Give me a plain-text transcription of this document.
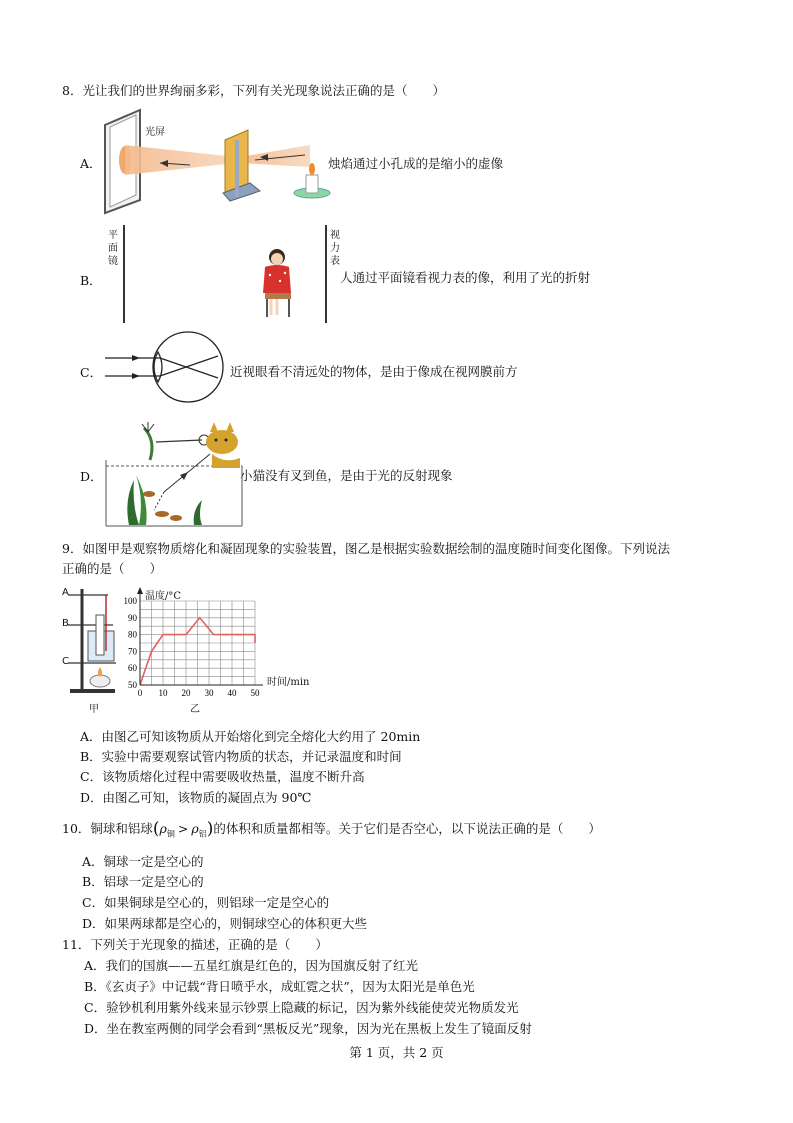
8．光让我们的世界绚丽多彩，下列有关光现象说法正确的是（　　）
A．
光屏
烛焰通过小孔成的是缩小的虚像
B．
平
面
镜
视
力
表
人通过平面镜看视力表的像，利用了光的折射
C．	近视眼看不清远处的物体，是由于像成在视网膜前方
D．	小猫没有叉到鱼，是由于光的反射现象
9．如图甲是观察物质熔化和凝固现象的实验装置，图乙是根据实验数据绘制的温度随时间变化图像。下列说法
正确的是（　　）
A
B
C
甲
0 10 20 30 40 50
50
60
70
80
90
100 温度/°C
时间/min
乙
A．由图乙可知该物质从开始熔化到完全熔化大约用了 20min
B．实验中需要观察试管内物质的状态，并记录温度和时间
C．该物质熔化过程中需要吸收热量，温度不断升高
D．由图乙可知，该物质的凝固点为 90℃
10．铜球和铝球$(\rho_铜 > \rho_铝)$的体积和质量都相等。关于它们是否空心，以下说法正确的是（　　）
A．铜球一定是空心的
B．铝球一定是空心的
C．如果铜球是空心的，则铝球一定是空心的
D．如果两球都是空心的，则铜球空心的体积更大些
11．下列关于光现象的描述，正确的是（　　）
A．我们的国旗——五星红旗是红色的，因为国旗反射了红光
B．《玄贞子》中记载“背日喷乎水，成虹霓之状”，因为太阳光是单色光
C．验钞机利用紫外线来显示钞票上隐藏的标记，因为紫外线能使荧光物质发光
D．坐在教室两侧的同学会看到“黑板反光”现象，因为光在黑板上发生了镜面反射
第 1 页，共 2 页
